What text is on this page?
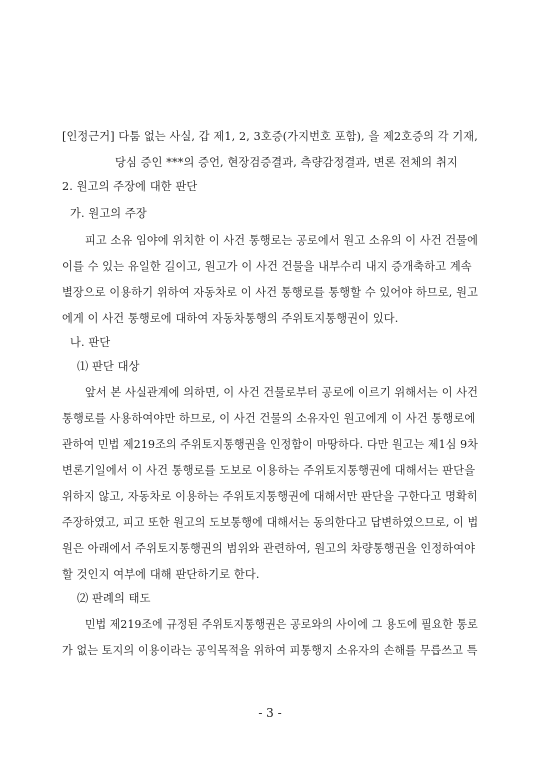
[인정근거] 다툼 없는 사실, 갑 제1, 2, 3호증(가지번호 포함), 을 제2호증의 각 기재,
당심 증인 ***의 증언, 현장검증결과, 측량감정결과, 변론 전체의 취지
2. 원고의 주장에 대한 판단
가. 원고의 주장
피고 소유 임야에 위치한 이 사건 통행로는 공로에서 원고 소유의 이 사건 건물에
이를 수 있는 유일한 길이고, 원고가 이 사건 건물을 내부수리 내지 증개축하고 계속
별장으로 이용하기 위하여 자동차로 이 사건 통행로를 통행할 수 있어야 하므로, 원고
에게 이 사건 통행로에 대하여 자동차통행의 주위토지통행권이 있다.
나. 판단
⑴ 판단 대상
앞서 본 사실관계에 의하면, 이 사건 건물로부터 공로에 이르기 위해서는 이 사건
통행로를 사용하여야만 하므로, 이 사건 건물의 소유자인 원고에게 이 사건 통행로에
관하여 민법 제219조의 주위토지통행권을 인정함이 마땅하다. 다만 원고는 제1심 9차
변론기일에서 이 사건 통행로를 도보로 이용하는 주위토지통행권에 대해서는 판단을
위하지 않고, 자동차로 이용하는 주위토지통행권에 대해서만 판단을 구한다고 명확히
주장하였고, 피고 또한 원고의 도보통행에 대해서는 동의한다고 답변하였으므로, 이 법
원은 아래에서 주위토지통행권의 범위와 관련하여, 원고의 차량통행권을 인정하여야
할 것인지 여부에 대해 판단하기로 한다.
⑵ 판례의 태도
민법 제219조에 규정된 주위토지통행권은 공로와의 사이에 그 용도에 필요한 통로
가 없는 토지의 이용이라는 공익목적을 위하여 피통행지 소유자의 손해를 무릅쓰고 특
- 3 -
